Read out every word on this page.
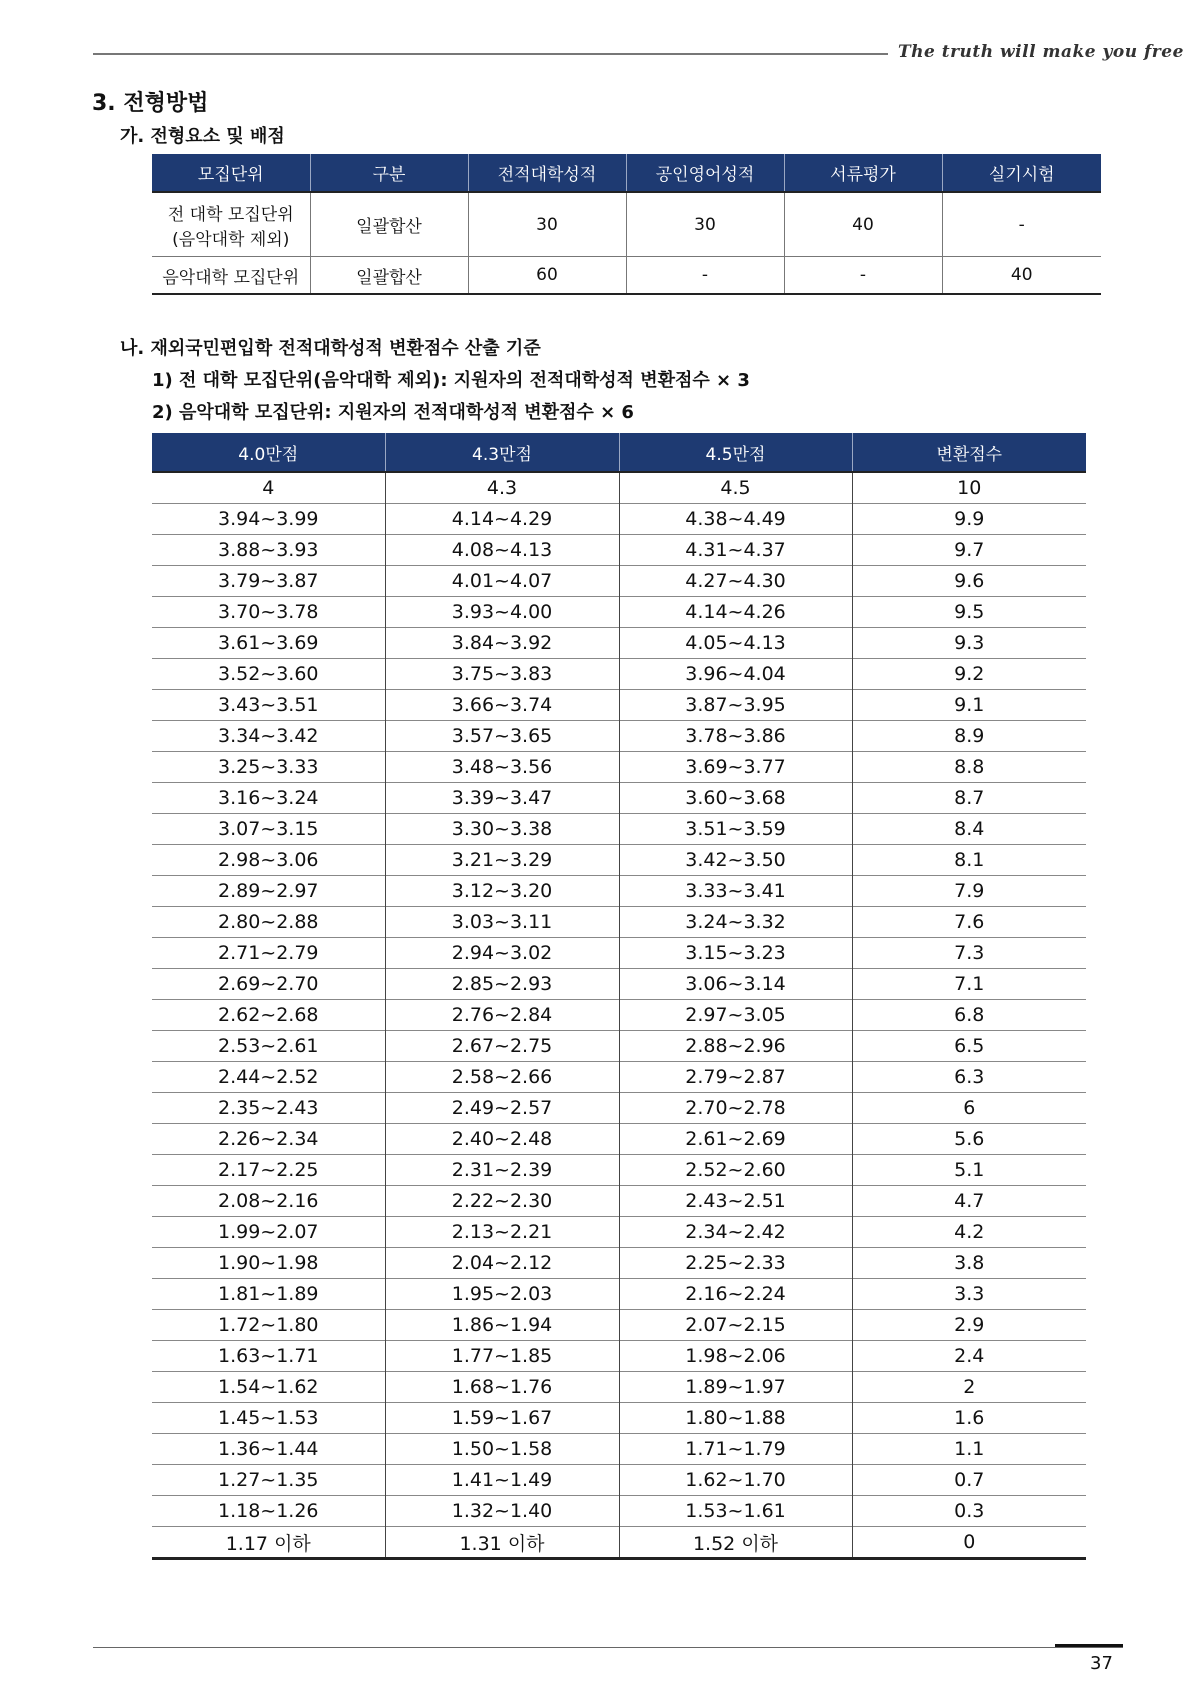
The truth will make you free
3. 전형방법
가. 전형요소 및 배점
모집단위	구분	전적대학성적	공인영어성적	서류평가	실기시험

전 대학 모집단위
(음악대학 제외)	일괄합산	30	30	40	-
음악대학 모집단위	일괄합산	60	-	-	40
나. 재외국민편입학 전적대학성적 변환점수 산출 기준
1) 전 대학 모집단위(음악대학 제외): 지원자의 전적대학성적 변환점수 × 3
2) 음악대학 모집단위: 지원자의 전적대학성적 변환점수 × 6
4.0만점	4.3만점	4.5만점	변환점수
4	4.3	4.5	10
3.94~3.99	4.14~4.29	4.38~4.49	9.9
3.88~3.93	4.08~4.13	4.31~4.37	9.7
3.79~3.87	4.01~4.07	4.27~4.30	9.6
3.70~3.78	3.93~4.00	4.14~4.26	9.5
3.61~3.69	3.84~3.92	4.05~4.13	9.3
3.52~3.60	3.75~3.83	3.96~4.04	9.2
3.43~3.51	3.66~3.74	3.87~3.95	9.1
3.34~3.42	3.57~3.65	3.78~3.86	8.9
3.25~3.33	3.48~3.56	3.69~3.77	8.8
3.16~3.24	3.39~3.47	3.60~3.68	8.7
3.07~3.15	3.30~3.38	3.51~3.59	8.4
2.98~3.06	3.21~3.29	3.42~3.50	8.1
2.89~2.97	3.12~3.20	3.33~3.41	7.9
2.80~2.88	3.03~3.11	3.24~3.32	7.6
2.71~2.79	2.94~3.02	3.15~3.23	7.3
2.69~2.70	2.85~2.93	3.06~3.14	7.1
2.62~2.68	2.76~2.84	2.97~3.05	6.8
2.53~2.61	2.67~2.75	2.88~2.96	6.5
2.44~2.52	2.58~2.66	2.79~2.87	6.3
2.35~2.43	2.49~2.57	2.70~2.78	6
2.26~2.34	2.40~2.48	2.61~2.69	5.6
2.17~2.25	2.31~2.39	2.52~2.60	5.1
2.08~2.16	2.22~2.30	2.43~2.51	4.7
1.99~2.07	2.13~2.21	2.34~2.42	4.2
1.90~1.98	2.04~2.12	2.25~2.33	3.8
1.81~1.89	1.95~2.03	2.16~2.24	3.3
1.72~1.80	1.86~1.94	2.07~2.15	2.9
1.63~1.71	1.77~1.85	1.98~2.06	2.4
1.54~1.62	1.68~1.76	1.89~1.97	2
1.45~1.53	1.59~1.67	1.80~1.88	1.6
1.36~1.44	1.50~1.58	1.71~1.79	1.1
1.27~1.35	1.41~1.49	1.62~1.70	0.7
1.18~1.26	1.32~1.40	1.53~1.61	0.3
1.17 이하	1.31 이하	1.52 이하	0
37
